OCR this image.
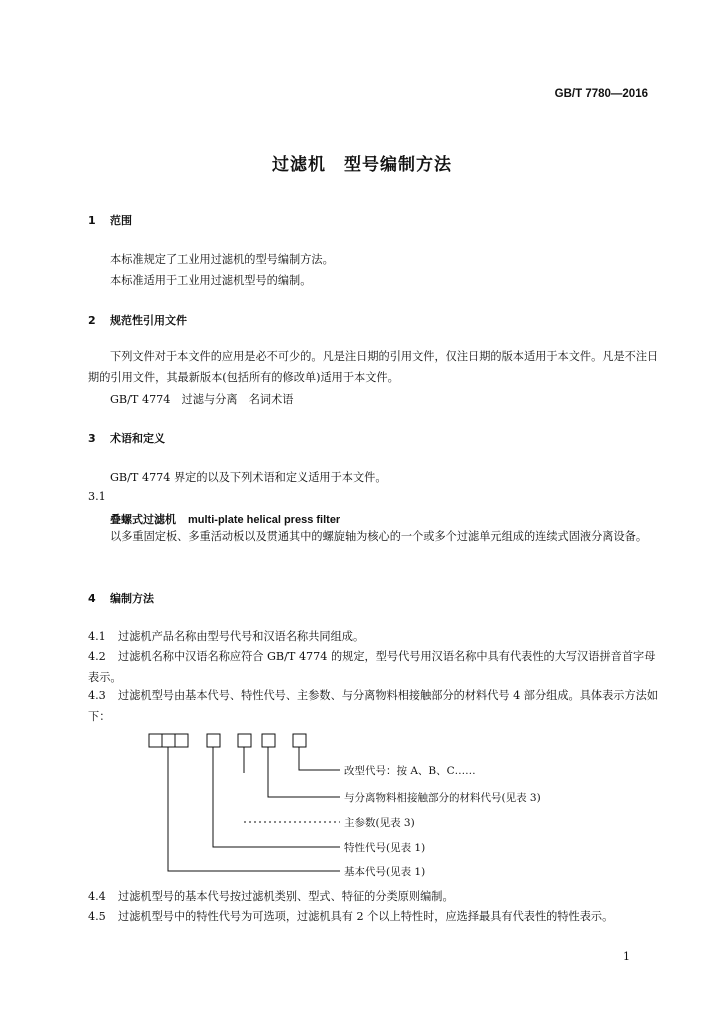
GB/T 7780—2016
过滤机　型号编制方法
1 范围
本标准规定了工业用过滤机的型号编制方法。
本标准适用于工业用过滤机型号的编制。
2 规范性引用文件
下列文件对于本文件的应用是必不可少的。凡是注日期的引用文件，仅注日期的版本适用于本文件。凡是不注日期的引用文件，其最新版本(包括所有的修改单)适用于本文件。
GB/T 4774　过滤与分离　名词术语
3 术语和定义
GB/T 4774 界定的以及下列术语和定义适用于本文件。
3.1
叠螺式过滤机 multi-plate helical press filter
以多重固定板、多重活动板以及贯通其中的螺旋轴为核心的一个或多个过滤单元组成的连续式固液分离设备。
4 编制方法
4.1 过滤机产品名称由型号代号和汉语名称共同组成。
4.2 过滤机名称中汉语名称应符合 GB/T 4774 的规定，型号代号用汉语名称中具有代表性的大写汉语拼音首字母表示。
4.3 过滤机型号由基本代号、特性代号、主参数、与分离物料相接触部分的材料代号 4 部分组成。具体表示方法如下：
改型代号：按 A、B、C……
与分离物料相接触部分的材料代号(见表 3)
主参数(见表 3)
特性代号(见表 1)
基本代号(见表 1)
4.4 过滤机型号的基本代号按过滤机类别、型式、特征的分类原则编制。
4.5 过滤机型号中的特性代号为可选项，过滤机具有 2 个以上特性时，应选择最具有代表性的特性表示。
1
